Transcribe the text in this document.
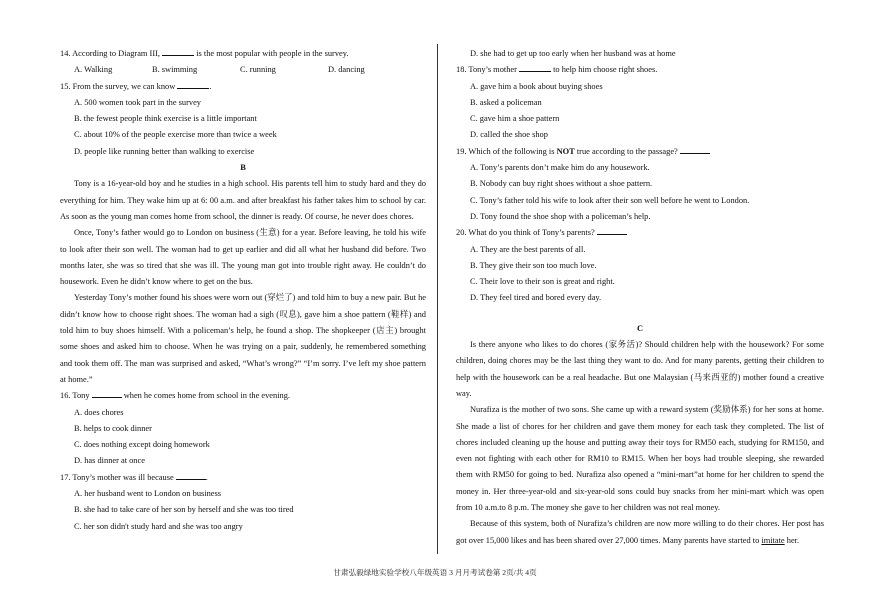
14. According to Diagram III,	is the most popular with people in the survey.
A. Walking	B. swimming	C. running	D. dancing
15. From the survey, we can know	.
A. 500 women took part in the survey
B. the fewest people think exercise is a little important
C. about 10% of the people exercise more than twice a week
D. people like running better than walking to exercise
B
Tony is a 16-year-old boy and he studies in a high school. His parents tell him to study hard and they do everything for him. They wake him up at 6: 00 a.m. and after breakfast his father takes him to school by car. As soon as the young man comes home from school, the dinner is ready. Of course, he never does chores.
Once, Tony’s father would go to London on business (生意) for a year. Before leaving, he told his wife to look after their son well. The woman had to get up earlier and did all what her husband did before. Two months later, she was so tired that she was ill. The young man got into trouble right away. He couldn’t do housework. Even he didn’t know where to get on the bus.
Yesterday Tony’s mother found his shoes were worn out (穿烂了) and told him to buy a new pair. But he didn’t know how to choose right shoes. The woman had a sigh (叹息), gave him a shoe pattern (鞋样) and told him to buy shoes himself. With a policeman’s help, he found a shop. The shopkeeper (店主) brought some shoes and asked him to choose. When he was trying on a pair, suddenly, he remembered something and took them off. The man was surprised and asked, “What’s wrong?” “I’m sorry. I’ve left my shoe pattern at home.”
16. Tony	when he comes home from school in the evening.
A. does chores
B. helps to cook dinner
C. does nothing except doing homework
D. has dinner at once
17. Tony’s mother was ill because	.
A. her husband went to London on business
B. she had to take care of her son by herself and she was too tired
C. her son didn't study hard and she was too angry
D. she had to get up too early when her husband was at home
18. Tony’s mother	to help him choose right shoes.
A. gave him a book about buying shoes
B. asked a policeman
C. gave him a shoe pattern
D. called the shoe shop
19. Which of the following is NOT true according to the passage?
A. Tony’s parents don’t make him do any housework.
B. Nobody can buy right shoes without a shoe pattern.
C. Tony’s father told his wife to look after their son well before he went to London.
D. Tony found the shoe shop with a policeman’s help.
20. What do you think of Tony’s parents?
A. They are the best parents of all.
B. They give their son too much love.
C. Their love to their son is great and right.
D. They feel tired and bored every day.
C
Is there anyone who likes to do chores (家务活)? Should children help with the housework? For some children, doing chores may be the last thing they want to do. And for many parents, getting their children to help with the housework can be a real headache. But one Malaysian (马来西亚的) mother found a creative way.
Nurafiza is the mother of two sons. She came up with a reward system (奖励体系) for her sons at home. She made a list of chores for her children and gave them money for each task they completed. The list of chores included cleaning up the house and putting away their toys for RM50 each, studying for RM150, and even not fighting with each other for RM10 to RM15. When her boys had trouble sleeping, she rewarded them with RM50 for going to bed. Nurafiza also opened a “mini-mart”at home for her children to spend the money in. Her three-year-old and six-year-old sons could buy snacks from her mini-mart which was open from 10 a.m.to 8 p.m. The money she gave to her children was not real money.
Because of this system, both of Nurafiza’s children are now more willing to do their chores. Her post has got over 15,000 likes and has been shared over 27,000 times. Many parents have started to imitate her.
甘肃弘毅绿地实验学校八年级英语 3 月月考试卷第 2页/共 4页
